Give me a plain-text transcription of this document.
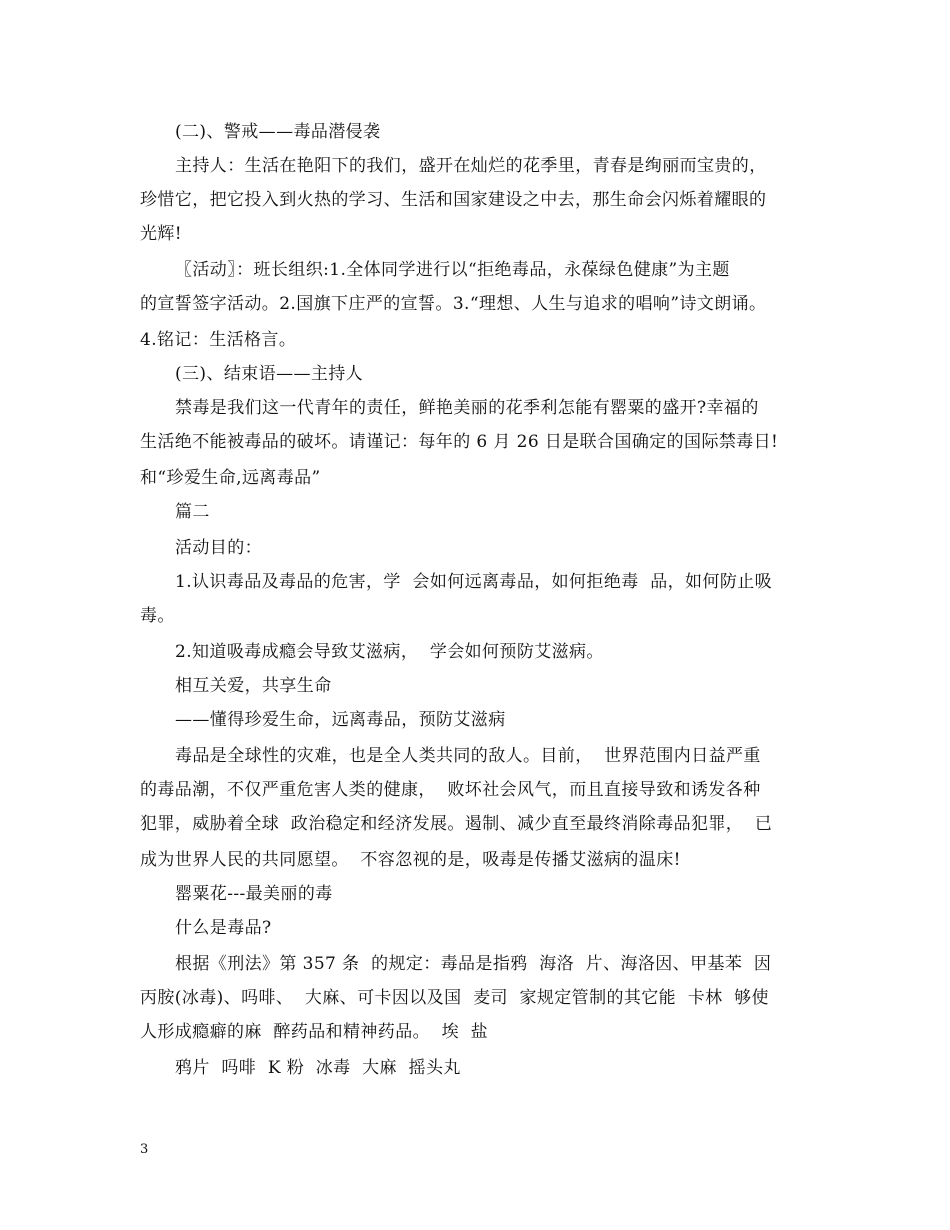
(二)、警戒——毒品潜侵袭
主持人：生活在艳阳下的我们，盛开在灿烂的花季里，青春是绚丽而宝贵的，
珍惜它，把它投入到火热的学习、生活和国家建设之中去，那生命会闪烁着耀眼的
光辉!
〖活动〗：班长组织:1.全体同学进行以“拒绝毒品，永葆绿色健康”为主题
的宣誓签字活动。2.国旗下庄严的宣誓。3.“理想、人生与追求的唱响”诗文朗诵。
4.铭记：生活格言。
(三)、结束语——主持人
禁毒是我们这一代青年的责任，鲜艳美丽的花季利怎能有罂粟的盛开?幸福的
生活绝不能被毒品的破坏。请谨记：每年的 6 月 26 日是联合国确定的国际禁毒日!
和“珍爱生命,远离毒品”
篇二
活动目的：
1.认识毒品及毒品的危害，学  会如何远离毒品，如何拒绝毒  品，如何防止吸
毒。
2.知道吸毒成瘾会导致艾滋病，  学会如何预防艾滋病。
相互关爱，共享生命
——懂得珍爱生命，远离毒品，预防艾滋病
毒品是全球性的灾难，也是全人类共同的敌人。目前，  世界范围内日益严重
的毒品潮，不仅严重危害人类的健康，  败坏社会风气，而且直接导致和诱发各种
犯罪，威胁着全球  政治稳定和经济发展。遏制、减少直至最终消除毒品犯罪，  已
成为世界人民的共同愿望。  不容忽视的是，吸毒是传播艾滋病的温床!
罂粟花---最美丽的毒
什么是毒品?
根据《刑法》第 357 条  的规定：毒品是指鸦  海洛  片、海洛因、甲基苯  因
丙胺(冰毒)、吗啡、  大麻、可卡因以及国  麦司  家规定管制的其它能  卡林  够使
人形成瘾癖的麻  醉药品和精神药品。  埃  盐
鸦片  吗啡  K 粉  冰毒  大麻  摇头丸
3
